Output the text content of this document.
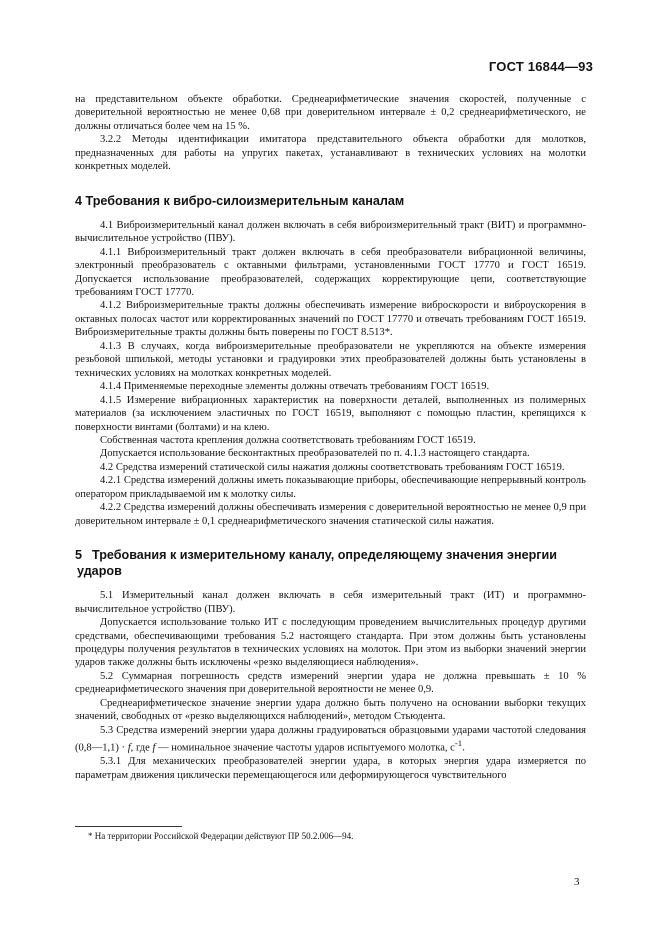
ГОСТ 16844—93

на представительном объекте обработки. Среднеарифметические значения скоростей, полученные с доверительной вероятностью не менее 0,68 при доверительном интервале ± 0,2 среднеарифметического, не должны отличаться более чем на 15 %.

3.2.2 Методы идентификации имитатора представительного объекта обработки для молотков, предназначенных для работы на упругих пакетах, устанавливают в технических условиях на молотки конкретных моделей.

4 Требования к вибро-силоизмерительным каналам

4.1 Виброизмерительный канал должен включать в себя виброизмерительный тракт (ВИТ) и программно-вычислительное устройство (ПВУ).

4.1.1 Виброизмерительный тракт должен включать в себя преобразователи вибрационной величины, электронный преобразователь с октавными фильтрами, установленными ГОСТ 17770 и ГОСТ 16519. Допускается использование преобразователей, содержащих корректирующие цепи, соответствующие требованиям ГОСТ 17770.

4.1.2 Виброизмерительные тракты должны обеспечивать измерение виброскорости и виброускорения в октавных полосах частот или корректированных значений по ГОСТ 17770 и отвечать требованиям ГОСТ 16519. Виброизмерительные тракты должны быть поверены по ГОСТ 8.513*.

4.1.3 В случаях, когда виброизмерительные преобразователи не укрепляются на объекте измерения резьбовой шпилькой, методы установки и градуировки этих преобразователей должны быть установлены в технических условиях на молотках конкретных моделей.

4.1.4 Применяемые переходные элементы должны отвечать требованиям ГОСТ 16519.

4.1.5 Измерение вибрационных характеристик на поверхности деталей, выполненных из полимерных материалов (за исключением эластичных по ГОСТ 16519, выполняют с помощью пластин, крепящихся к поверхности винтами (болтами) и на клею.

Собственная частота крепления должна соответствовать требованиям ГОСТ 16519.

Допускается использование бесконтактных преобразователей по п. 4.1.3 настоящего стандарта.

4.2 Средства измерений статической силы нажатия должны соответствовать требованиям ГОСТ 16519.

4.2.1 Средства измерений должны иметь показывающие приборы, обеспечивающие непрерывный контроль оператором прикладываемой им к молотку силы.

4.2.2 Средства измерений должны обеспечивать измерения с доверительной вероятностью не менее 0,9 при доверительном интервале ± 0,1 среднеарифметического значения статической силы нажатия.

5 Требования к измерительному каналу, определяющему значения энергии
ударов

5.1 Измерительный канал должен включать в себя измерительный тракт (ИТ) и программно-вычислительное устройство (ПВУ).

Допускается использование только ИТ с последующим проведением вычислительных процедур другими средствами, обеспечивающими требования 5.2 настоящего стандарта. При этом должны быть установлены процедуры получения результатов в технических условиях на молоток. При этом из выборки значений энергии ударов также должны быть исключены «резко выделяющиеся наблюдения».

5.2 Суммарная погрешность средств измерений энергии удара не должна превышать ± 10 % среднеарифметического значения при доверительной вероятности не менее 0,9.

Среднеарифметическое значение энергии удара должно быть получено на основании выборки текущих значений, свободных от «резко выделяющихся наблюдений», методом Стьюдента.

5.3 Средства измерений энергии удара должны градуироваться образцовыми ударами частотой следования (0,8—1,1) · f, где f — номинальное значение частоты ударов испытуемого молотка, $с^{-1}$.

5.3.1 Для механических преобразователей энергии удара, в которых энергия удара измеряется по параметрам движения циклически перемещающегося или деформирующегося чувствительного

* На территории Российской Федерации действуют ПР 50.2.006—94.
3
